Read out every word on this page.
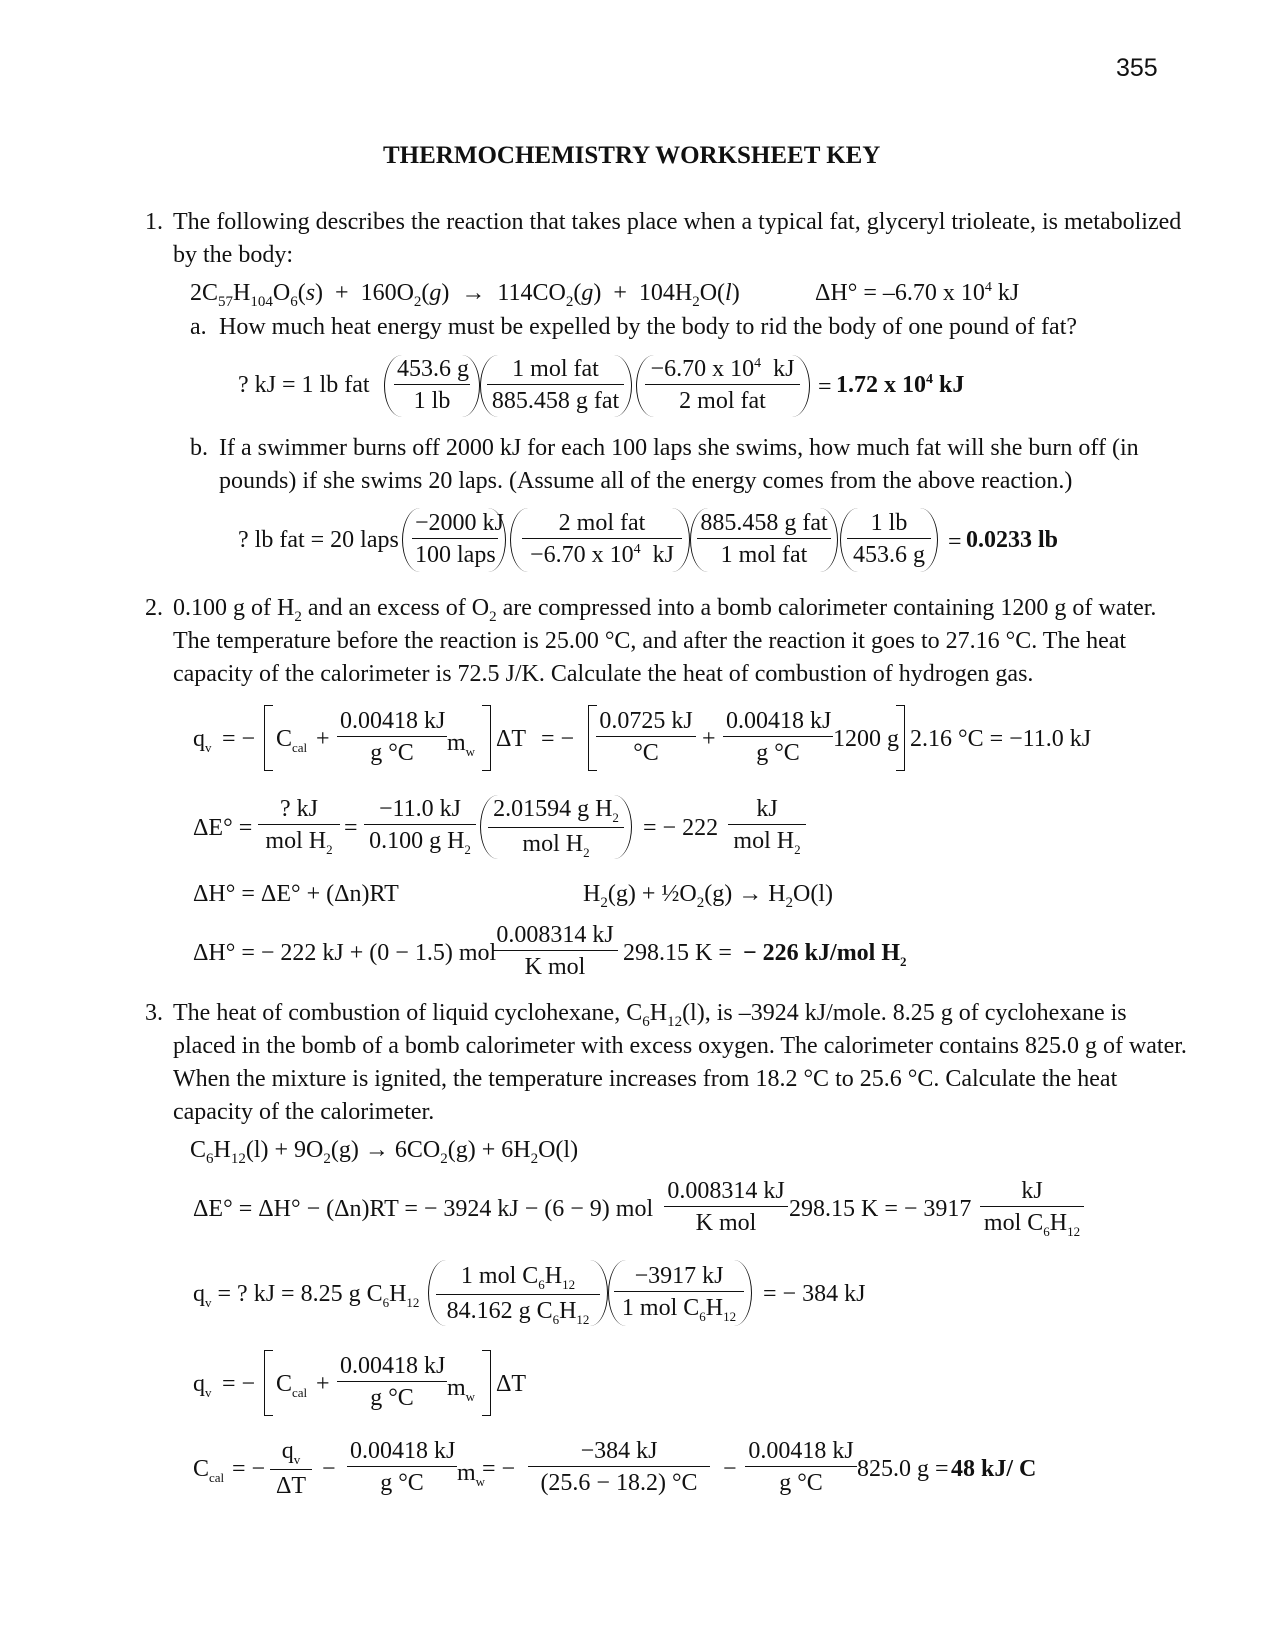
355
THERMOCHEMISTRY WORKSHEET KEY
1. The following describes the reaction that takes place when a typical fat, glyceryl trioleate, is metabolized
by the body:
$2C_{57}H_{104}O_6(s) + 160O_2(g) \to 114CO_2(g) + 104H_2O(l)$	ΔH° = –6.70 x $10^4$ kJ
a. How much heat energy must be expelled by the body to rid the body of one pound of fat?
? kJ = 1 lb fat $\frac{453.6 g}{1 lb}$	1 mol fat
885.458 g fat
−6.70 x $10^4$ kJ
2 mol fat
= 1.72 x $10^4$ kJ
b. If a swimmer burns off 2000 kJ for each 100 laps she swims, how much fat will she burn off (in
pounds) if she swims 20 laps. (Assume all of the energy comes from the above reaction.)
? lb fat = 20 laps
−2000 kJ
100 laps
2 mol fat
−6.70 x $10^4$ kJ
885.458 g fat
1 mol fat	$\frac{1 lb}{453.6 g} = 0.0233$ lb
2. 0.100 g of $H_2$ and an excess of $O_2$ are compressed into a bomb calorimeter containing 1200 g of water.
The temperature before the reaction is 25.00 °C, and after the reaction it goes to 27.16 °C. The heat
capacity of the calorimeter is 72.5 J/K. Calculate the heat of combustion of hydrogen gas.
$q_v$ = − $C_{cal} + \frac{0.00418 kJ}{g ^\circ C} m_w$ ΔT = − $\frac{0.0725 kJ}{^\circ C} + \frac{0.00418 kJ}{g ^\circ C} 1200$ g 2.16 °C = −11.0 kJ
ΔE° =
? kJ
mol $H_2$
=
−11.0 kJ
0.100 g $H_2$
2.01594 g $H_2$
mol $H_2$
= − 222
kJ
mol $H_2$
ΔH° = ΔE° + (Δn)RT	$H_2(g)$ + $\frac{1}{2}O_2(g) \to H_2O(l)$
ΔH° = − 222 kJ + (0 − 1.5) mol
0.008314 kJ
K mol
298.15 K = − 226 kJ/mol $H_2$
3. The heat of combustion of liquid cyclohexane, $C_6H_{12}(l)$, is –3924 kJ/mole. 8.25 g of cyclohexane is
placed in the bomb of a bomb calorimeter with excess oxygen. The calorimeter contains 825.0 g of water.
When the mixture is ignited, the temperature increases from 18.2 °C to 25.6 °C. Calculate the heat
capacity of the calorimeter.
$C_6H_{12}(l) + 9O_2(g) \to 6CO_2(g) + 6H_2O(l)$
ΔE° = ΔH° − (Δn)RT = − 3924 kJ − (6 − 9) mol
0.008314 kJ
K mol
298.15 K = − 3917
kJ
mol $C_6H_{12}$
$q_v$ = ? kJ = 8.25 g $C_6H_{12}$
1 mol $C_6H_{12}$
84.162 g $C_6H_{12}$
−3917 kJ
1 mol $C_6H_{12}$
= − 384 kJ
$q_v$ = − $C_{cal} + \frac{0.00418 kJ}{g ^\circ C} m_w$ ΔT
$C_{cal}$ = −
$q_v$
ΔT
− $\frac{0.00418 kJ}{g ^\circ C} m_w$
= − $\frac{-384 kJ}{(25.6 - 18.2) ^\circ C} - \frac{0.00418 kJ}{g ^\circ C} 825.0$ g = 48 kJ/ C
